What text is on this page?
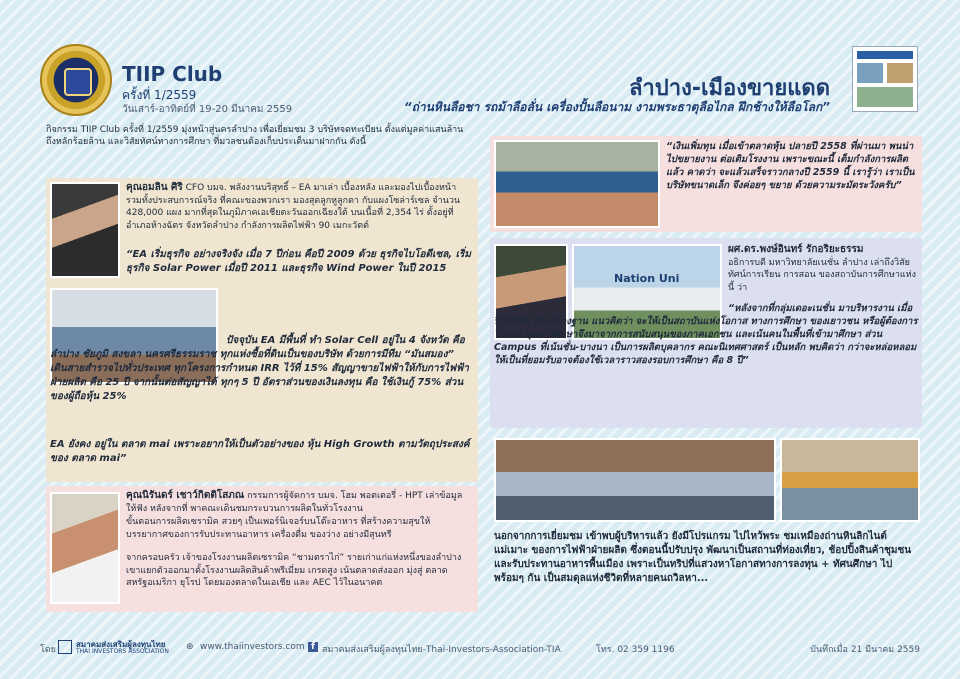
TIIP Club
ครั้งที่ 1/2559
วันเสาร์-อาทิตย์ที่ 19-20 มีนาคม 2559
ลำปาง-เมืองขายแดด
“ถ่านหินลือชา รถม้าลือลั่น เครื่องปั้นลือนาม งามพระธาตุลือไกล ฝึกช้างให้ลือโลก”
กิจกรรม TIIP Club ครั้งที่ 1/2559 มุ่งหน้าสู่นครลำปาง เพื่อเยี่ยมชม 3 บริษัทจดทะเบียน ตั้งแต่มูลค่าแสนล้าน ถึงหลักร้อยล้าน และวิสัยทัศน์ทางการศึกษา ที่มวลชนต้องเก็บประเด็นมาฝากกัน ดังนี้
คุณอมลิน ศิริ CFO บมจ. พลังงานบริสุทธิ์ – EA มาเล่า เบื้องหลัง และมองไปเบื้องหน้า รวมทั้งประสบการณ์จริง ที่คณะของพวกเรา มองสุดลูกหูลูกตา กับแผงโซล่าร์เซล จำนวน 428,000 แผง มากที่สุดในภูมิภาคเอเชียตะวันออกเฉียงใต้ บนเนื้อที่ 2,354 ไร่ ตั้งอยู่ที่อำเภอห้างฉัตร จังหวัดลำปาง กำลังการผลิตไฟฟ้า 90 เมกะวัตต์
“EA เริ่มธุรกิจ อย่างจริงจัง เมื่อ 7 ปีก่อน คือปี 2009 ด้วย ธุรกิจไบโอดีเซล, เริ่มธุรกิจ Solar Power เมื่อปี 2011 และธุรกิจ Wind Power ในปี 2015
ปัจจุบัน EA มีพื้นที่ ทำ Solar Cell อยู่ใน 4 จังหวัด คือ ลำปาง ชัยภูมิ สงขลา นครศรีธรรมราช ทุกแห่งซื้อที่ดินเป็นของบริษัท ด้วยการมีทีม “มันสมอง” เดินสายสำรวจไปทั่วประเทศ ทุกโครงการกำหนด IRR ไว้ที่ 15% สัญญาขายไฟฟ้าให้กับการไฟฟ้าฝ่ายผลิต คือ 25 ปี จากนั้นต่อสัญญาได้ ทุกๆ 5 ปี อัตราส่วนของเงินลงทุน คือ ใช้เงินกู้ 75% ส่วนของผู้ถือหุ้น 25%
EA ยังคง อยู่ใน ตลาด mai เพราะอยากให้เป็นตัวอย่างของ หุ้น High Growth ตามวัตถุประสงค์ของ ตลาด mai”
คุณนิรันดร์ เชาว์กิตติโสภณ กรรมการผู้จัดการ บมจ. โฮม พอตเตอรี่ - HPT เล่าข้อมูลให้ฟัง หลังจากที่ พาคณะเดินชมกระบวนการผลิตในทั่วโรงงาน
ขั้นตอนการผลิตเซรามิค สวยๆ เป็นเพอร์นิเจอร์บนโต๊ะอาหาร ที่สร้างความสุขให้บรรยากาศของการรับประทานอาหาร เครื่องดื่ม ของว่าง อย่างมีสุนทรี
จากครอบครัว เจ้าของโรงงานผลิตเซรามิค “ชามตราไก่” รายเก่าแก่แห่งหนึ่งของลำปาง เขาแยกตัวออกมาตั้งโรงงานผลิตสินค้าพรีเมี่ยม เกรดสูง เน้นตลาดส่งออก มุ่งสู่ ตลาดสหรัฐอเมริกา ยุโรป โดยมองตลาดในเอเชีย และ AEC ไว้ในอนาคต
“เงินเพิ่มทุน เมื่อเข้าตลาดหุ้น ปลายปี 2558 ที่ผ่านมา พนน่าไปขยายงาน ต่อเติมโรงงาน เพราะขณะนี้ เต็มกำลังการผลิตแล้ว คาดว่า จะแล้วเสร็จราวกลางปี 2559 นี้ เรารู้ว่า เราเป็นบริษัทขนาดเล็ก จึงค่อยๆ ขยาย ด้วยความระมัดระวังครับ”
Nation Uni
ผศ.ดร.พงษ์อินทร์ รักอริยะธรรม
อธิการบดี มหาวิทยาลัยเนชั่น ลำปาง เล่าถึงวิสัยทัศน์การเรียน การสอน ของสถาบันการศึกษาแห่งนี้ ว่า
“หลังจากที่กลุ่มเดอะเนชั่น มาบริหารงาน เมื่อปี 2554 มีการวางฐาน แนวคิดว่า จะให้เป็นสถาบันแห่งโอกาส ทางการศึกษา ของเยาวชน หรือผู้ต้องการโอกาส ทุนการศึกษาจึงมาจากการสนับสนุนของภาคเอกชน และเน้นคนในพื้นที่เข้ามาศึกษา ส่วน Campus ที่เน้นชั่น-บางนา เป็นการผลิตบุคลากร คณะนิเทศศาสตร์ เป็นหลัก พบคิดว่า กว่าจะหล่อหลอมให้เป็นที่ยอมรับอาจต้องใช้เวลาราวสองรอบการศึกษา คือ 8 ปี”
นอกจากการเยี่ยมชม เข้าพบผู้บริหารแล้ว ยังมีโปรแกรม ไปไหว้พระ ชมเหมืองถ่านหินลิกไนต์แม่เมาะ ของการไฟฟ้าฝ่ายผลิต ซึ่งตอนนี้ปรับปรุง พัฒนาเป็นสถานที่ท่องเที่ยว, ช้อปปิ้งสินค้าชุมชนและรับประทานอาหารพื้นเมือง เพราะเป็นทริปที่แสวงหาโอกาสทางการลงทุน + ทัศนศึกษา ไปพร้อมๆ กัน เป็นสมดุลแห่งชีวิตที่หลายคนถวิลหา...
โดย
สมาคมส่งเสริมผู้ลงทุนไทย
THAI INVESTORS ASSOCIATION ⊕ www.thaiinvestors.com f สมาคมส่งเสริมผู้ลงทุนไทย-Thai-Investors-Association-TIA	โทร. 02 359 1196	บันทึกเมื่อ 21 มีนาคม 2559
